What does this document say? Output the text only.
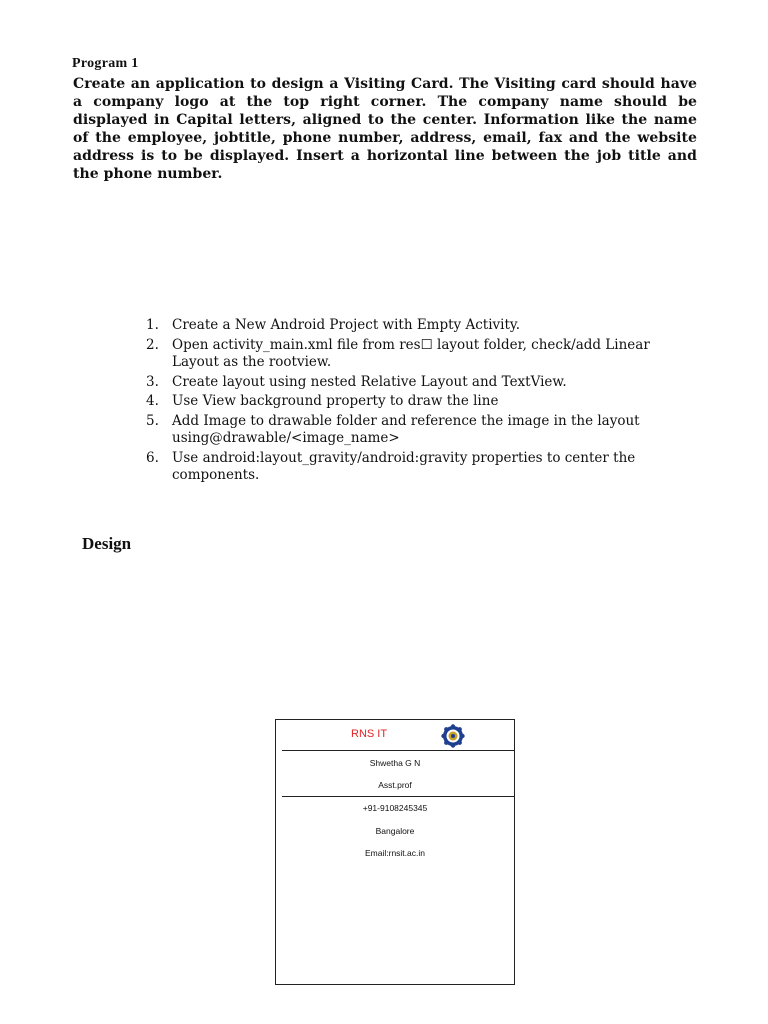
Program 1
Create an application to design a Visiting Card. The Visiting card should have a company logo at the top right corner. The company name should be displayed in Capital letters, aligned to the center. Information like the name of the employee, jobtitle, phone number, address, email, fax and the website address is to be displayed. Insert a horizontal line between the job title and the phone number.
1. Create a New Android Project with Empty Activity.
2. Open activity_main.xml file from res☐ layout folder, check/add Linear Layout as the rootview.
3. Create layout using nested Relative Layout and TextView.
4. Use View background property to draw the line
5. Add Image to drawable folder and reference the image in the layout using@drawable/<image_name>
6. Use android:layout_gravity/android:gravity properties to center the components.
Design
RNS IT
Shwetha G N
Asst.prof
+91-9108245345
Bangalore
Email:rnsit.ac.in
